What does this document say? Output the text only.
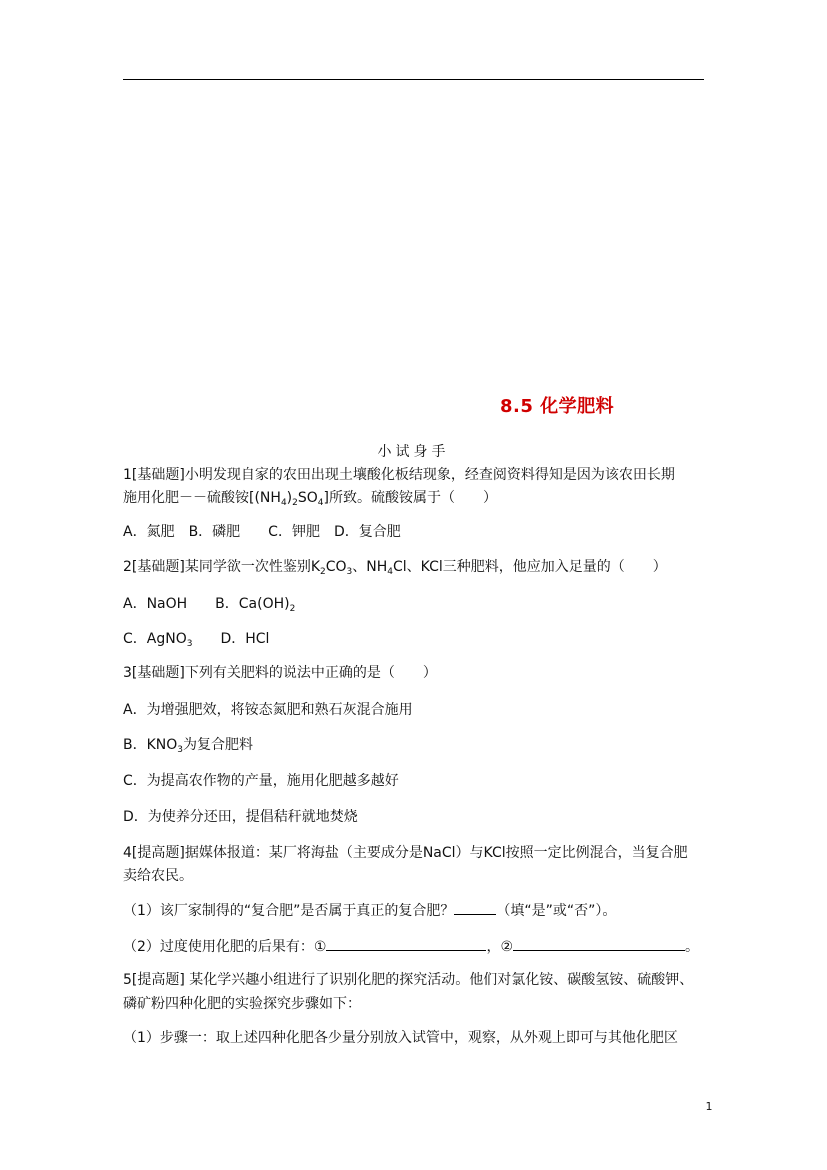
8.5 化学肥料
小试身手
1[基础题]小明发现自家的农田出现土壤酸化板结现象，经查阅资料得知是因为该农田长期
施用化肥－－硫酸铵$[(NH_4)_2SO_4]$所致。硫酸铵属于（　　）
A．氮肥　B．磷肥　　C．钾肥　D．复合肥
2[基础题]某同学欲一次性鉴别$K_2CO_3$、$NH_4Cl$、KCl三种肥料，他应加入足量的（　　）
A．NaOH　　B．$Ca(OH)_2$
C．AgNO$_3$　　D．HCl
3[基础题]下列有关肥料的说法中正确的是（　　）
A．为增强肥效，将铵态氮肥和熟石灰混合施用
B．$KNO_3$为复合肥料
C．为提高农作物的产量，施用化肥越多越好
D．为使养分还田，提倡秸秆就地焚烧
4[提高题]据媒体报道：某厂将海盐（主要成分是NaCl）与KCl按照一定比例混合，当复合肥
卖给农民。
（1）该厂家制得的“复合肥”是否属于真正的复合肥？	（填“是”或“否”）。
（2）过度使用化肥的后果有：①	，②	。
5[提高题] 某化学兴趣小组进行了识别化肥的探究活动。他们对氯化铵、碳酸氢铵、硫酸钾、
磷矿粉四种化肥的实验探究步骤如下：
（1）步骤一：取上述四种化肥各少量分别放入试管中，观察，从外观上即可与其他化肥区
1
